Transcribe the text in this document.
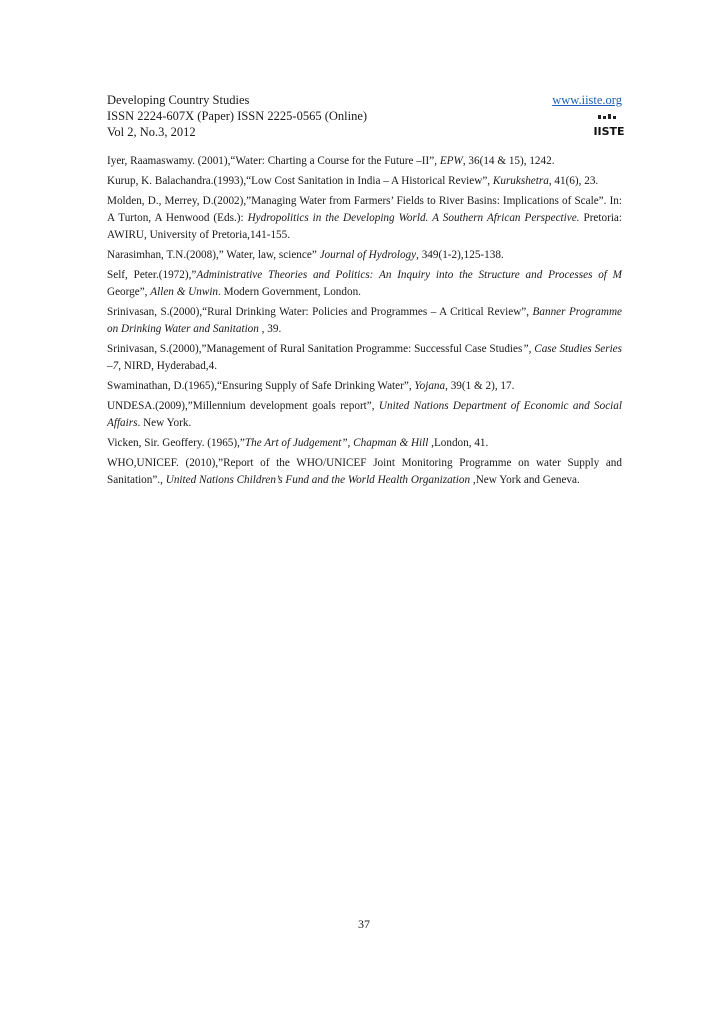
Developing Country Studies	www.iiste.org
ISSN 2224-607X (Paper) ISSN 2225-0565 (Online)
Vol 2, No.3, 2012	IISTE

Iyer, Raamaswamy. (2001),“Water: Charting a Course for the Future –II”, EPW, 36(14 & 15), 1242.

Kurup, K. Balachandra.(1993),“Low Cost Sanitation in India – A Historical Review”, Kurukshetra, 41(6), 23.

Molden, D., Merrey, D.(2002),”Managing Water from Farmers’ Fields to River Basins: Implications of Scale”. In: A Turton, A Henwood (Eds.): Hydropolitics in the Developing World. A Southern African Perspective. Pretoria: AWIRU, University of Pretoria,141-155.

Narasimhan, T.N.(2008),” Water, law, science” Journal of Hydrology, 349(1-2),125-138.

Self, Peter.(1972),”Administrative Theories and Politics: An Inquiry into the Structure and Processes of M George”, Allen & Unwin. Modern Government, London.

Srinivasan, S.(2000),“Rural Drinking Water: Policies and Programmes – A Critical Review”, Banner Programme on Drinking Water and Sanitation , 39.

Srinivasan, S.(2000),”Management of Rural Sanitation Programme: Successful Case Studies”, Case Studies Series –7, NIRD, Hyderabad,4.

Swaminathan, D.(1965),“Ensuring Supply of Safe Drinking Water”, Yojana, 39(1 & 2), 17.

UNDESA.(2009),”Millennium development goals report”, United Nations Department of Economic and Social Affairs. New York.

Vicken, Sir. Geoffery. (1965),”The Art of Judgement”, Chapman & Hill ,London, 41.

WHO,UNICEF. (2010),”Report of the WHO/UNICEF Joint Monitoring Programme on water Supply and Sanitation”., United Nations Children’s Fund and the World Health Organization ,New York and Geneva.

37
